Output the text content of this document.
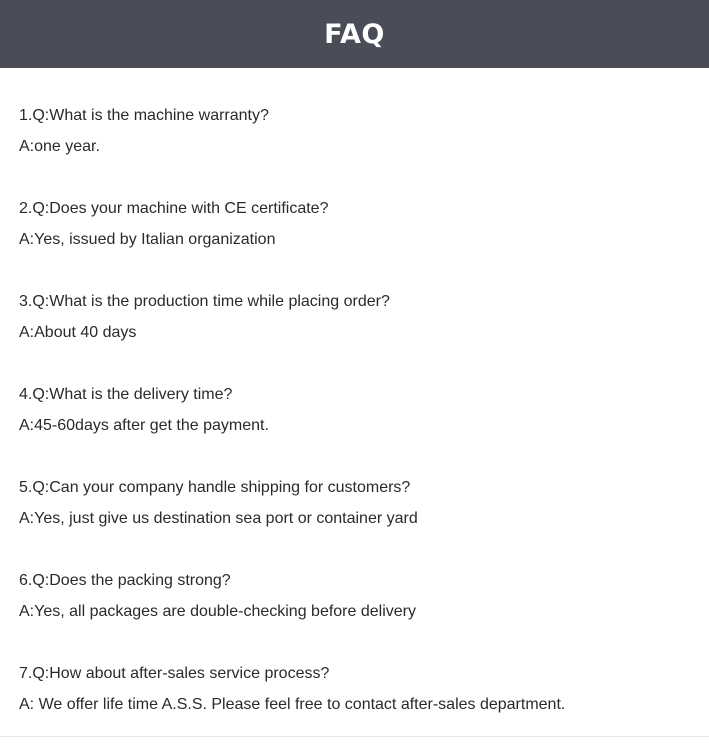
FAQ
1.Q:What is the machine warranty?
A:one year.
2.Q:Does your machine with CE certificate?
A:Yes, issued by Italian organization
3.Q:What is the production time while placing order?
A:About 40 days
4.Q:What is the delivery time?
A:45-60days after get the payment.
5.Q:Can your company handle shipping for customers?
A:Yes, just give us destination sea port or container yard
6.Q:Does the packing strong?
A:Yes, all packages are double-checking before delivery
7.Q:How about after-sales service process?
A: We offer life time A.S.S. Please feel free to contact after-sales department.
